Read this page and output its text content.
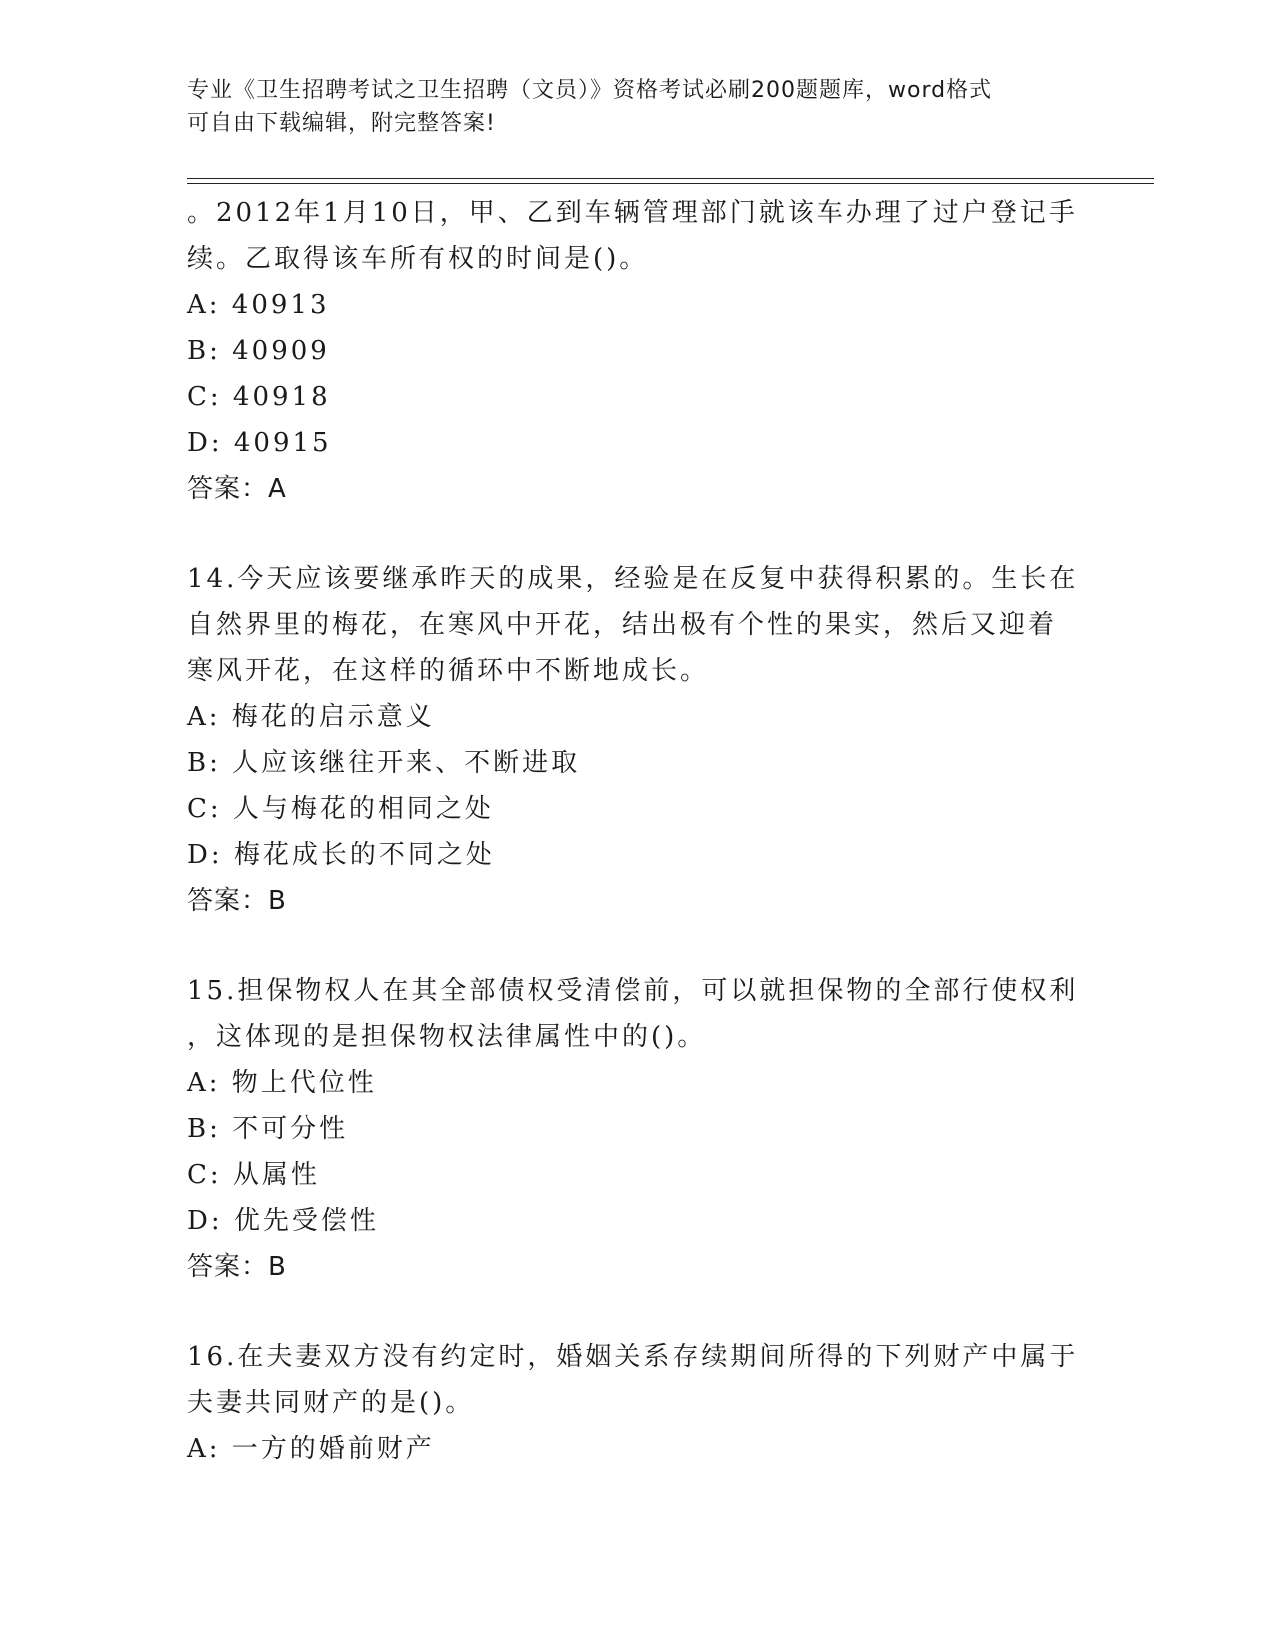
专业《卫生招聘考试之卫生招聘（文员）》资格考试必刷200题题库，word格式
可自由下载编辑，附完整答案!
。2012年1月10日，甲、乙到车辆管理部门就该车办理了过户登记手
续。乙取得该车所有权的时间是()。
A: 40913
B: 40909
C: 40918
D: 40915
答案：A
14.今天应该要继承昨天的成果，经验是在反复中获得积累的。生长在
自然界里的梅花，在寒风中开花，结出极有个性的果实，然后又迎着
寒风开花，在这样的循环中不断地成长。
A: 梅花的启示意义
B: 人应该继往开来、不断进取
C: 人与梅花的相同之处
D: 梅花成长的不同之处
答案：B
15.担保物权人在其全部债权受清偿前，可以就担保物的全部行使权利
，这体现的是担保物权法律属性中的()。
A: 物上代位性
B: 不可分性
C: 从属性
D: 优先受偿性
答案：B
16.在夫妻双方没有约定时，婚姻关系存续期间所得的下列财产中属于
夫妻共同财产的是()。
A: 一方的婚前财产
